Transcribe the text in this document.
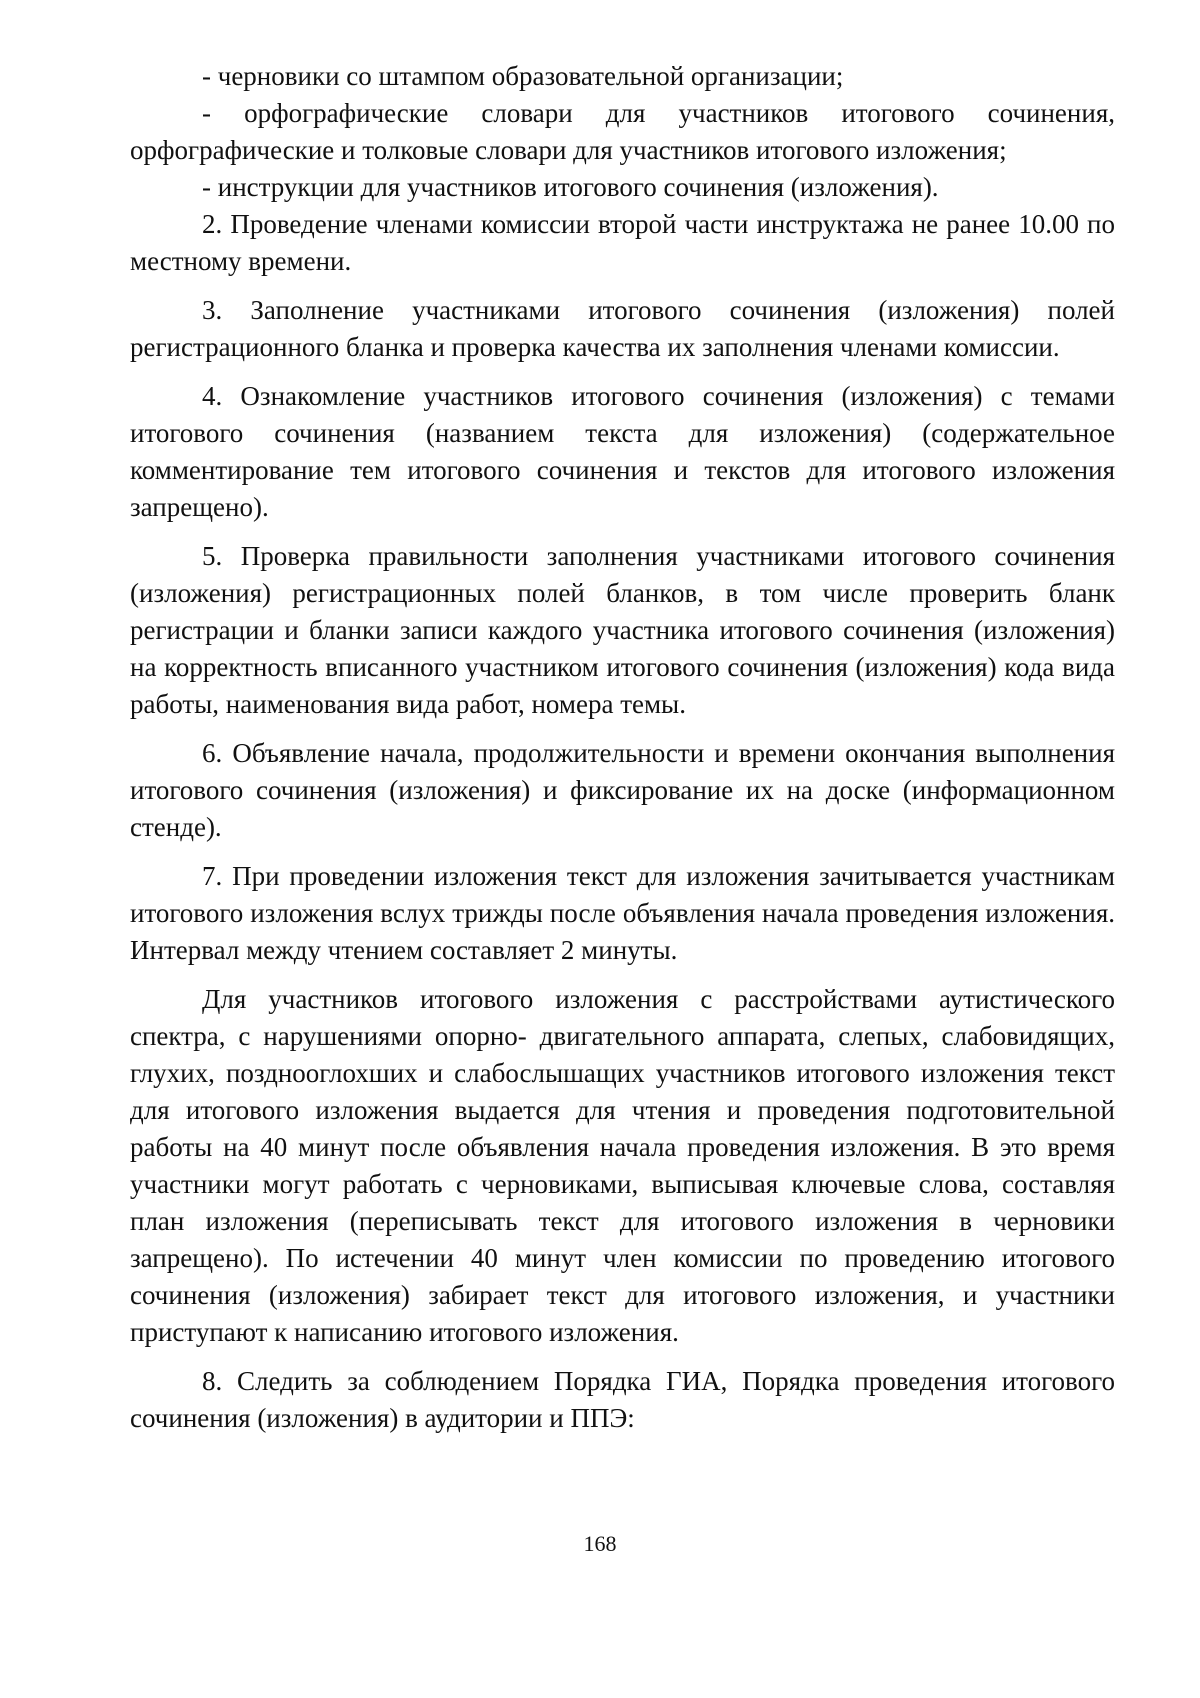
- черновики со штампом образовательной организации;

- орфографические словари для участников итогового сочинения, орфографические и толковые словари для участников итогового изложения;

- инструкции для участников итогового сочинения (изложения).

2. Проведение членами комиссии второй части инструктажа не ранее 10.00 по местному времени.

3. Заполнение участниками итогового сочинения (изложения) полей регистрационного бланка и проверка качества их заполнения членами комиссии.

4. Ознакомление участников итогового сочинения (изложения) с темами итогового сочинения (названием текста для изложения) (содержательное комментирование тем итогового сочинения и текстов для итогового изложения запрещено).

5. Проверка правильности заполнения участниками итогового сочинения (изложения) регистрационных полей бланков, в том числе проверить бланк регистрации и бланки записи каждого участника итогового сочинения (изложения) на корректность вписанного участником итогового сочинения (изложения) кода вида работы, наименования вида работ, номера темы.

6. Объявление начала, продолжительности и времени окончания выполнения итогового сочинения (изложения) и фиксирование их на доске (информационном стенде).

7. При проведении изложения текст для изложения зачитывается участникам итогового изложения вслух трижды после объявления начала проведения изложения. Интервал между чтением составляет 2 минуты.

Для участников итогового изложения с расстройствами аутистического спектра, с нарушениями опорно- двигательного аппарата, слепых, слабовидящих, глухих, позднооглохших и слабослышащих участников итогового изложения текст для итогового изложения выдается для чтения и проведения подготовительной работы на 40 минут после объявления начала проведения изложения. В это время участники могут работать с черновиками, выписывая ключевые слова, составляя план изложения (переписывать текст для итогового изложения в черновики запрещено). По истечении 40 минут член комиссии по проведению итогового сочинения (изложения) забирает текст для итогового изложения, и участники приступают к написанию итогового изложения.

8. Следить за соблюдением Порядка ГИА, Порядка проведения итогового сочинения (изложения) в аудитории и ППЭ:

168
